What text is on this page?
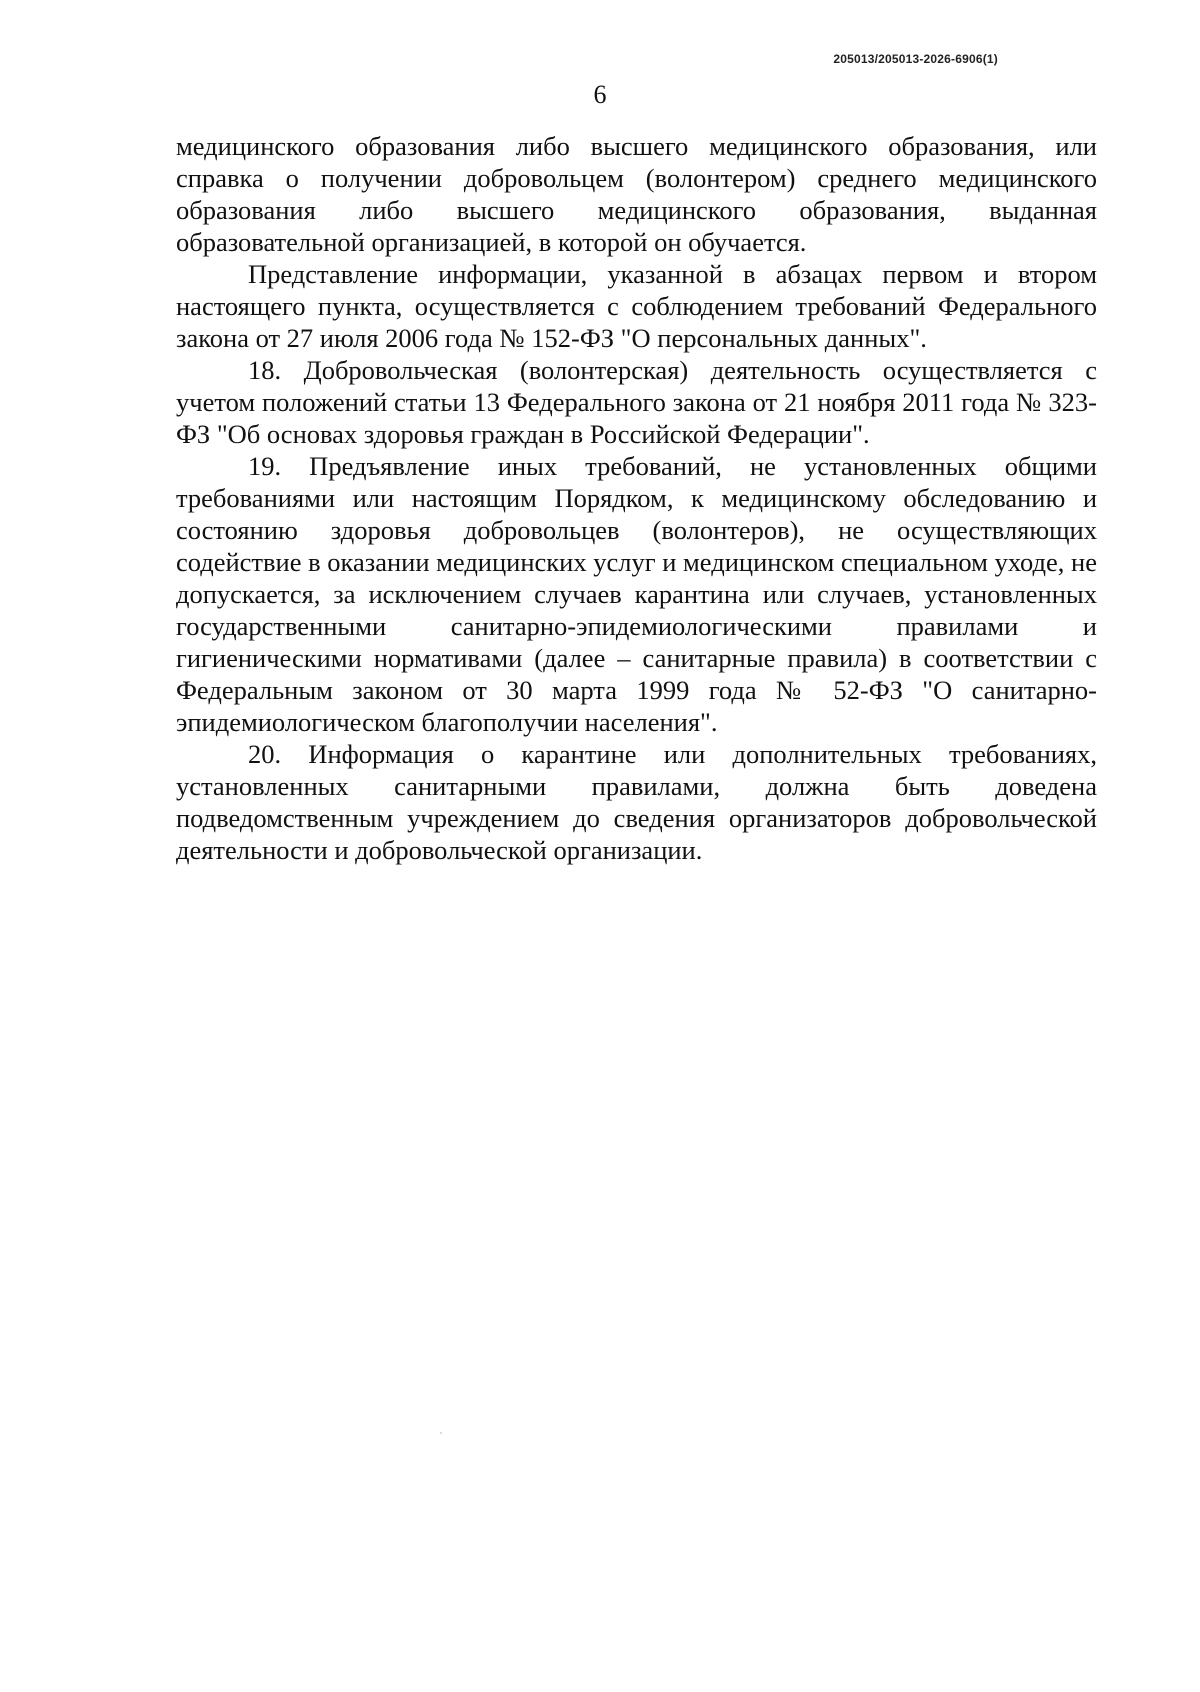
205013/205013-2026-6906(1)
6

медицинского образования либо высшего медицинского образования, или справка о получении добровольцем (волонтером) среднего медицинского образования либо высшего медицинского образования, выданная образовательной организацией, в которой он обучается.

Представление информации, указанной в абзацах первом и втором настоящего пункта, осуществляется с соблюдением требований Федерального закона от 27 июля 2006 года № 152-ФЗ "О персональных данных".

18. Добровольческая (волонтерская) деятельность осуществляется с учетом положений статьи 13 Федерального закона от 21 ноября 2011 года № 323-ФЗ "Об основах здоровья граждан в Российской Федерации".

19. Предъявление иных требований, не установленных общими требованиями или настоящим Порядком, к медицинскому обследованию и состоянию здоровья добровольцев (волонтеров), не осуществляющих содействие в оказании медицинских услуг и медицинском специальном уходе, не допускается, за исключением случаев карантина или случаев, установленных государственными санитарно-эпидемиологическими правилами и гигиеническими нормативами (далее – санитарные правила) в соответствии с Федеральным законом от 30 марта 1999 года № 52-ФЗ "О санитарно-эпидемиологическом благополучии населения".

20. Информация о карантине или дополнительных требованиях, установленных санитарными правилами, должна быть доведена подведомственным учреждением до сведения организаторов добровольческой деятельности и добровольческой организации.
